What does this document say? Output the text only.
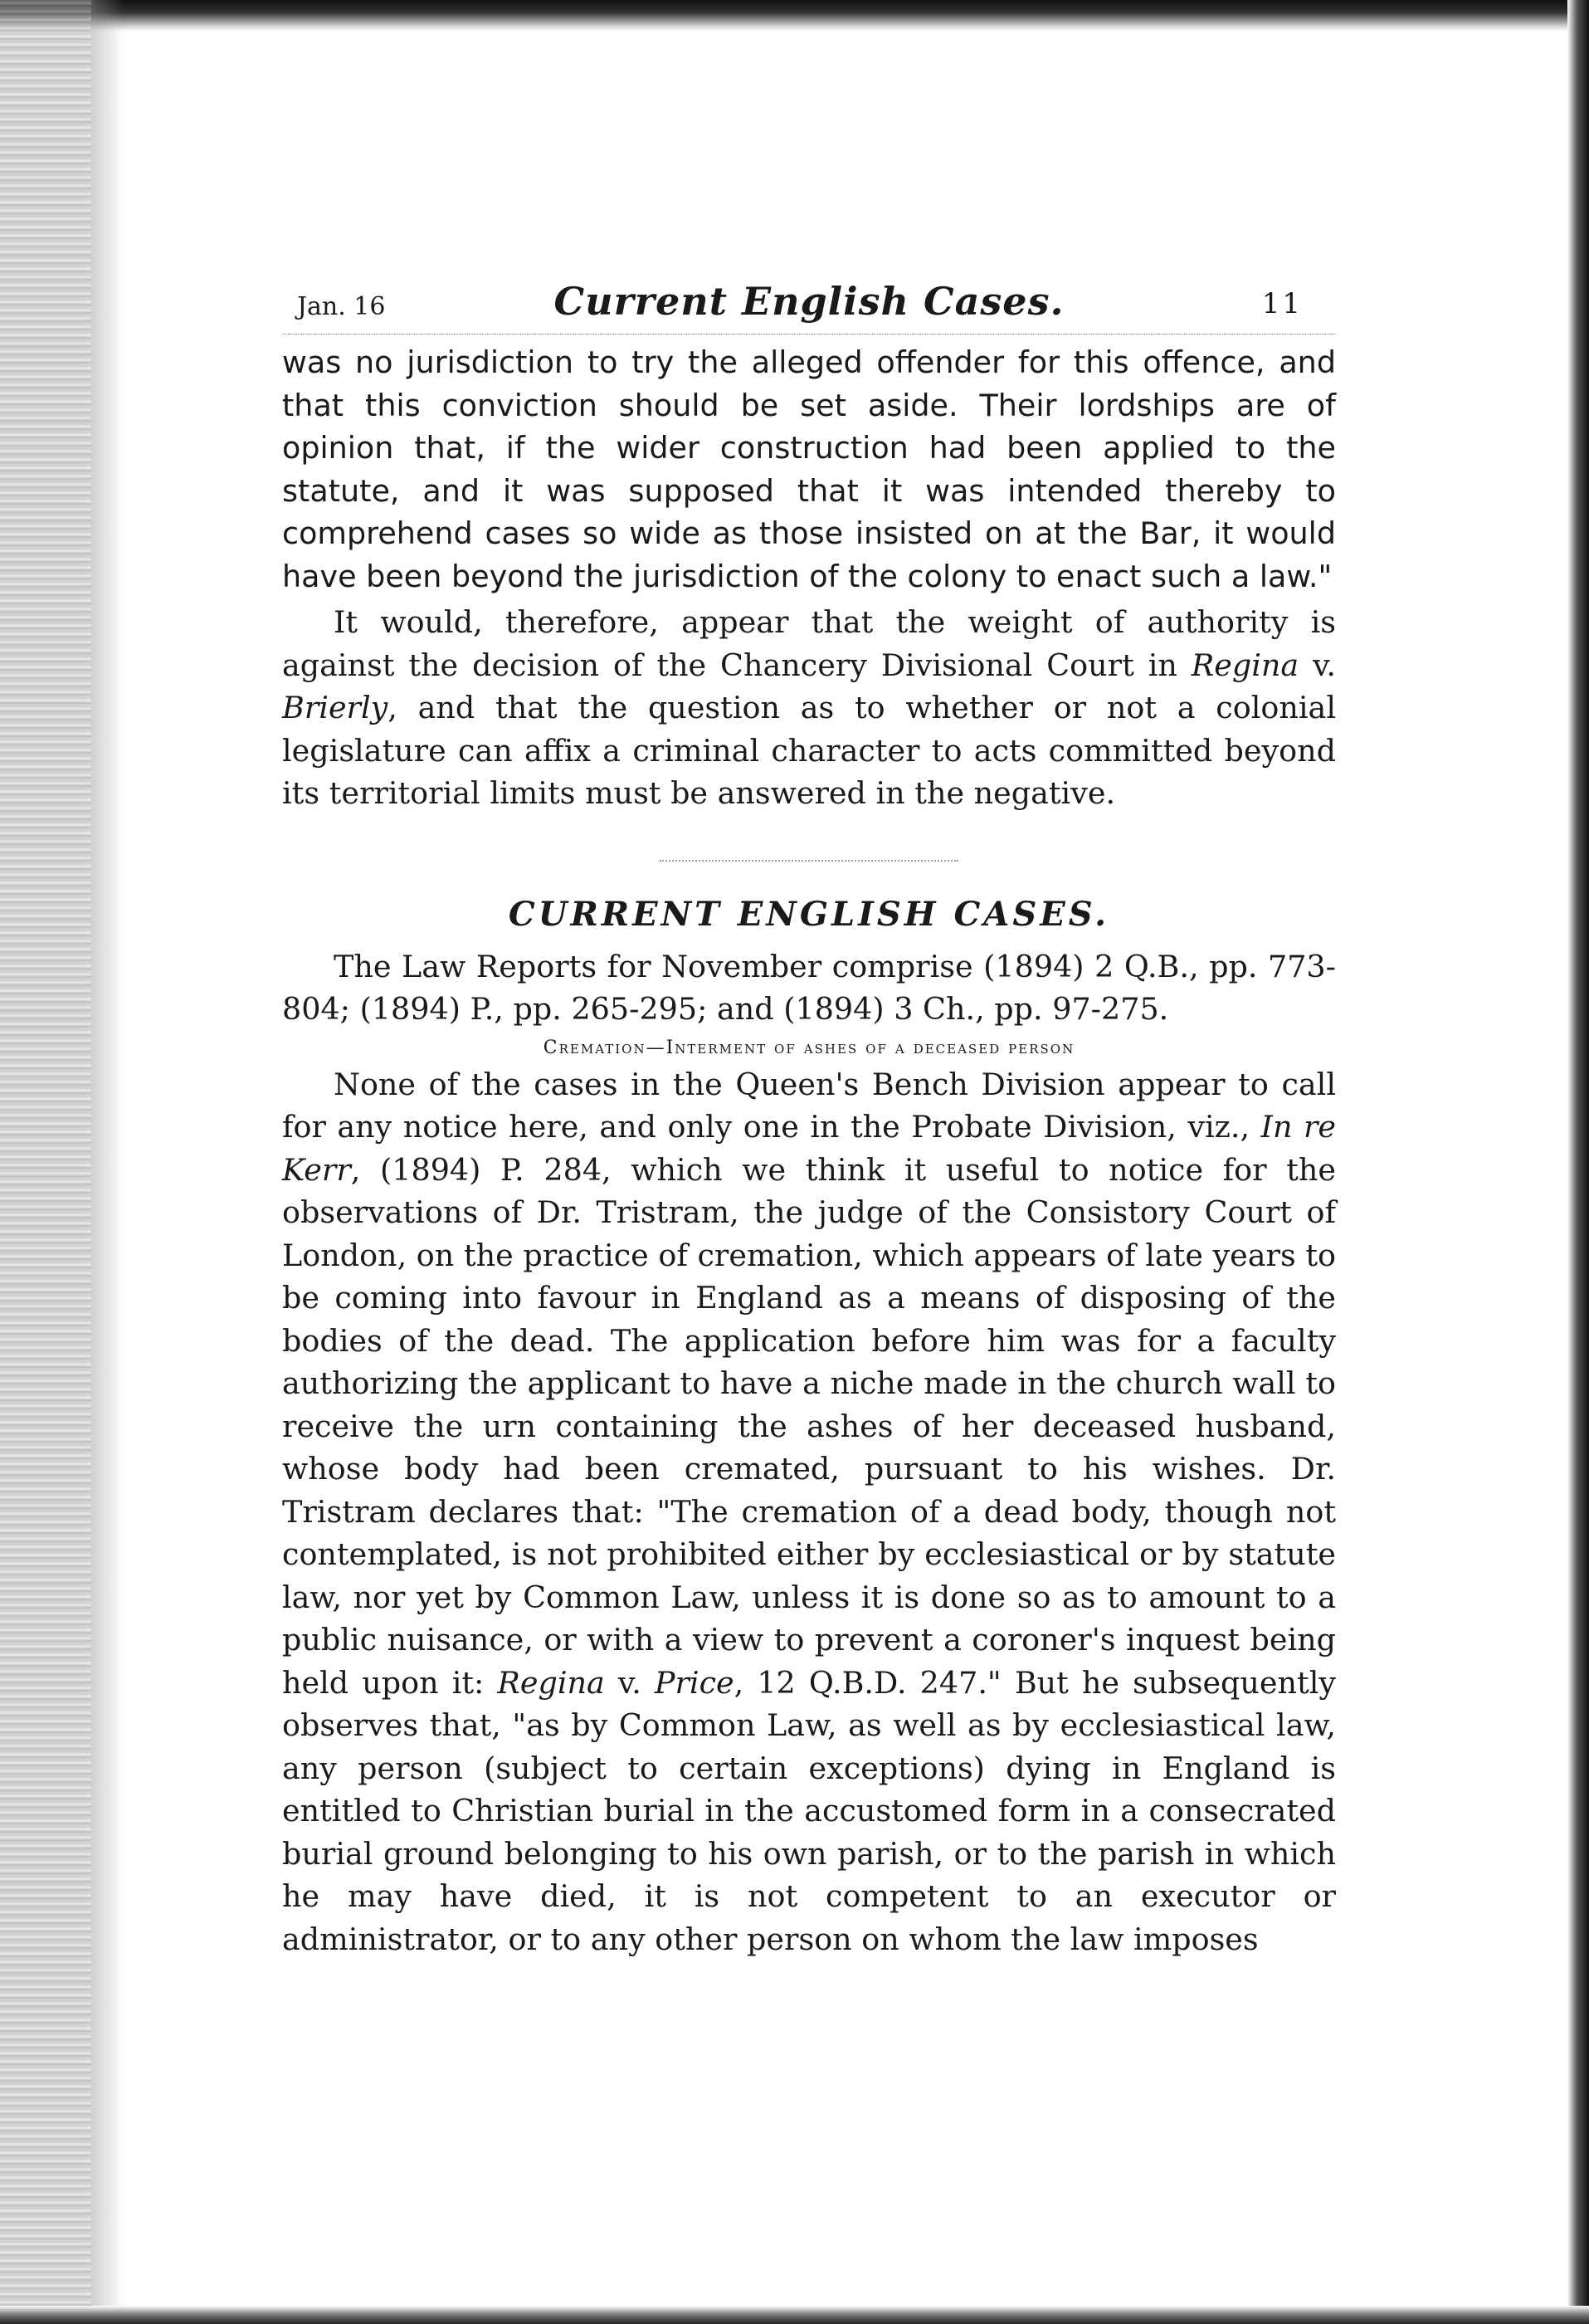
Jan. 16	Current English Cases.	11

was no jurisdiction to try the alleged offender for this offence, and that this conviction should be set aside. Their lordships are of opinion that, if the wider construction had been applied to the statute, and it was supposed that it was intended thereby to comprehend cases so wide as those insisted on at the Bar, it would have been beyond the jurisdiction of the colony to enact such a law."

It would, therefore, appear that the weight of authority is against the decision of the Chancery Divisional Court in Regina v. Brierly, and that the question as to whether or not a colonial legislature can affix a criminal character to acts committed beyond its territorial limits must be answered in the negative.

CURRENT ENGLISH CASES.

The Law Reports for November comprise (1894) 2 Q.B., pp. 773-804; (1894) P., pp. 265-295; and (1894) 3 Ch., pp. 97-275.

Cremation—Interment of ashes of a deceased person

None of the cases in the Queen's Bench Division appear to call for any notice here, and only one in the Probate Division, viz., In re Kerr, (1894) P. 284, which we think it useful to notice for the observations of Dr. Tristram, the judge of the Consistory Court of London, on the practice of cremation, which appears of late years to be coming into favour in England as a means of disposing of the bodies of the dead. The application before him was for a faculty authorizing the applicant to have a niche made in the church wall to receive the urn containing the ashes of her deceased husband, whose body had been cremated, pursuant to his wishes. Dr. Tristram declares that: "The cremation of a dead body, though not contemplated, is not prohibited either by ecclesiastical or by statute law, nor yet by Common Law, unless it is done so as to amount to a public nuisance, or with a view to prevent a coroner's inquest being held upon it: Regina v. Price, 12 Q.B.D. 247." But he subsequently observes that, "as by Common Law, as well as by ecclesiastical law, any person (subject to certain exceptions) dying in England is entitled to Christian burial in the accustomed form in a consecrated burial ground belonging to his own parish, or to the parish in which he may have died, it is not competent to an executor or administrator, or to any other person on whom the law imposes
